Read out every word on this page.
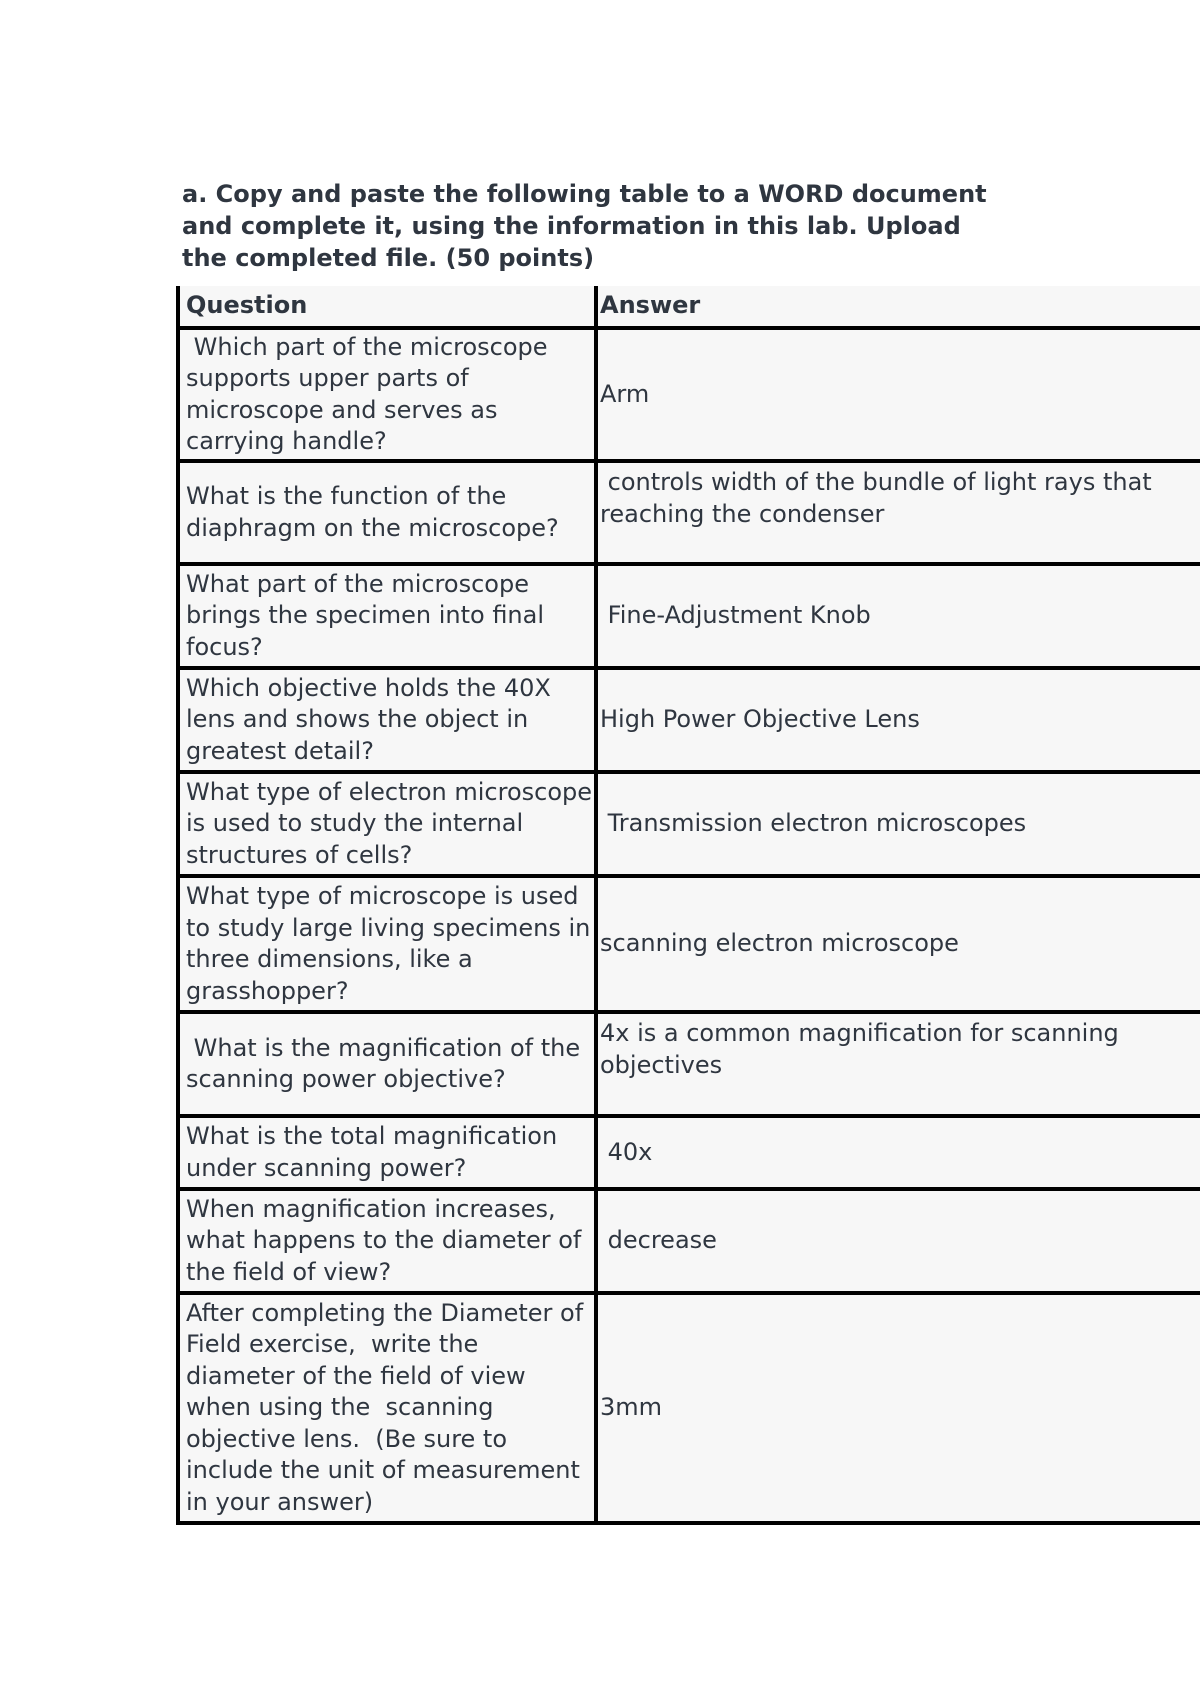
a. Copy and paste the following table to a WORD document
and complete it, using the information in this lab. Upload
the completed file. (50 points)
Question	Answer
Which part of the microscope supports upper parts of microscope and serves as carrying handle?	Arm
What is the function of the diaphragm on the microscope?	controls width of the bundle of light rays that reaching the condenser
What part of the microscope brings the specimen into final focus?	Fine-Adjustment Knob
Which objective holds the 40X lens and shows the object in greatest detail?	High Power Objective Lens
What type of electron microscope is used to study the internal structures of cells?	Transmission electron microscopes
What type of microscope is used to study large living specimens in three dimensions, like a grasshopper?	scanning electron microscope
What is the magnification of the scanning power objective?	4x is a common magnification for scanning objectives
What is the total magnification under scanning power?	40x
When magnification increases, what happens to the diameter of the field of view?	decrease
After completing the Diameter of Field exercise,  write the diameter of the field of view when using the  scanning objective lens.  (Be sure to include the unit of measurement in your answer)	3mm
